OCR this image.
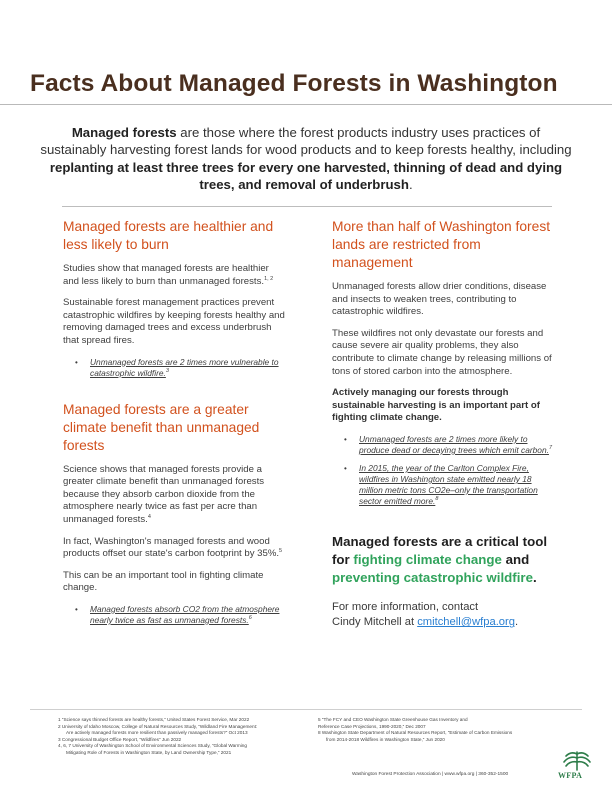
Facts About Managed Forests in Washington
Managed forests are those where the forest products industry uses practices of sustainably harvesting forest lands for wood products and to keep forests healthy, including replanting at least three trees for every one harvested, thinning of dead and dying trees, and removal of underbrush.
Managed forests are healthier and less likely to burn

Studies show that managed forests are healthier and less likely to burn than unmanaged forests.$^{1, 2}$

Sustainable forest management practices prevent catastrophic wildfires by keeping forests healthy and removing damaged trees and excess underbrush that spread fires.

• Unmanaged forests are 2 times more vulnerable to catastrophic wildfire.$^3$
Managed forests are a greater climate benefit than unmanaged forests

Science shows that managed forests provide a greater climate benefit than unmanaged forests because they absorb carbon dioxide from the atmosphere nearly twice as fast per acre than unmanaged forests.$^4$

In fact, Washington's managed forests and wood products offset our state's carbon footprint by 35%.$^5$

This can be an important tool in fighting climate change.

• Managed forests absorb CO2 from the atmosphere nearly twice as fast as unmanaged forests.$^6$
More than half of Washington forest lands are restricted from management

Unmanaged forests allow drier conditions, disease and insects to weaken trees, contributing to catastrophic wildfires.

These wildfires not only devastate our forests and cause severe air quality problems, they also contribute to climate change by releasing millions of tons of stored carbon into the atmosphere.

Actively managing our forests through sustainable harvesting is an important part of fighting climate change.

• Unmanaged forests are 2 times more likely to produce dead or decaying trees which emit carbon.$^7$
• In 2015, the year of the Carlton Complex Fire, wildfires in Washington state emitted nearly 18 million metric tons CO2e–only the transportation sector emitted more.$^8$
Managed forests are a critical tool for fighting climate change and preventing catastrophic wildfire.
For more information, contact
Cindy Mitchell at cmitchell@wfpa.org.
1 “Science says thinned forests are healthy forests,” United States Forest Service, Mar 2022
2 University of Idaho Moscow, College of Natural Resources Study, “Wildland Fire Management:
Are actively managed forests more resilient than passively managed forests?” Oct 2013
3 Congressional Budget Office Report, “Wildfires” Jun 2022
4, 6, 7 University of Washington School of Environmental Sciences Study, “Global Warming
Mitigating Role of Forests in Washington State, by Land Ownership Type,” 2021
5 “The FCY and CEO Washington State Greenhouse Gas Inventory and
Reference Case Projections, 1990-2020,” Dec 2007
8 Washington State Department of Natural Resources Report, “Estimate of Carbon Emissions
from 2014-2018 Wildfires in Washington State,” Jun 2020
Washington Forest Protection Association | www.wfpa.org | 360-352-1500	WFPA
